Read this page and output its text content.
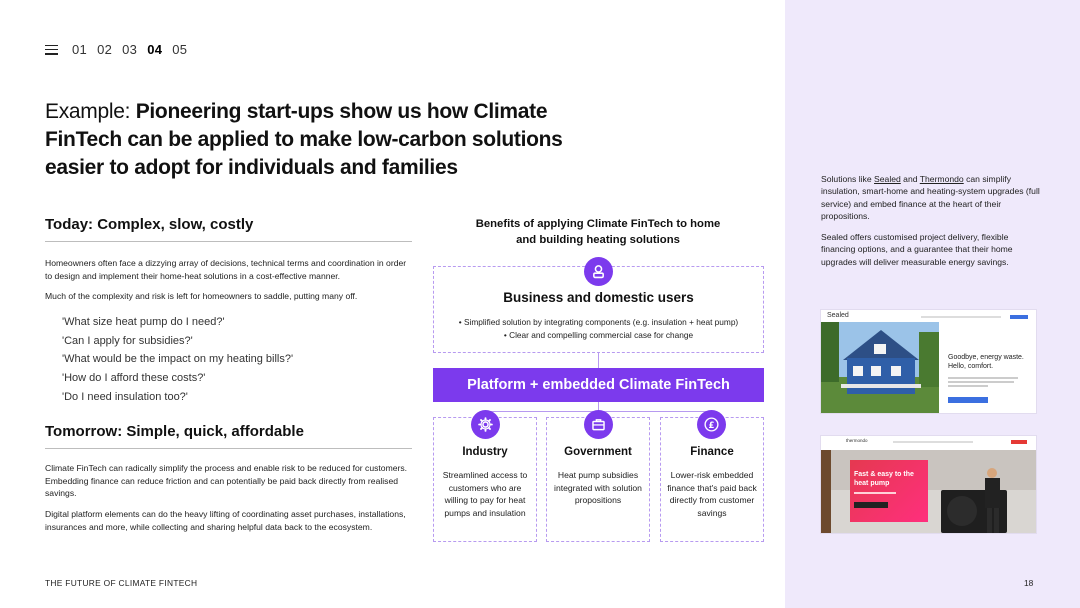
01 02 03 04 05
Example: Pioneering start-ups show us how Climate FinTech can be applied to make low-carbon solutions easier to adopt for individuals and families
Today: Complex, slow, costly
Homeowners often face a dizzying array of decisions, technical terms and coordination in order to design and implement their home-heat solutions in a cost-effective manner.
Much of the complexity and risk is left for homeowners to saddle, putting many off.
'What size heat pump do I need?'
'Can I apply for subsidies?'
'What would be the impact on my heating bills?'
'How do I afford these costs?'
'Do I need insulation too?'
Tomorrow: Simple, quick, affordable
Climate FinTech can radically simplify the process and enable risk to be reduced for customers. Embedding finance can reduce friction and can potentially be paid back directly from realised savings.
Digital platform elements can do the heavy lifting of coordinating asset purchases, installations, insurances and more, while collecting and sharing helpful data back to the ecosystem.
Benefits of applying Climate FinTech to home and building heating solutions
Business and domestic users
• Simplified solution by integrating components (e.g. insulation + heat pump)
• Clear and compelling commercial case for change
Platform + embedded Climate FinTech
£
Industry	Government	Finance
Streamlined access to customers who are willing to pay for heat pumps and insulation
Heat pump subsidies integrated with solution propositions
Lower-risk embedded finance that's paid back directly from customer savings
Solutions like Sealed and Thermondo can simplify insulation, smart-home and heating-system upgrades (full service) and embed finance at the heart of their propositions.
Sealed offers customised project delivery, flexible financing options, and a guarantee that their home upgrades will deliver measurable energy savings.
Sealed
Goodbye, energy waste. Hello, comfort.
thermondo
Fast & easy to the heat pump
THE FUTURE OF CLIMATE FINTECH	18
